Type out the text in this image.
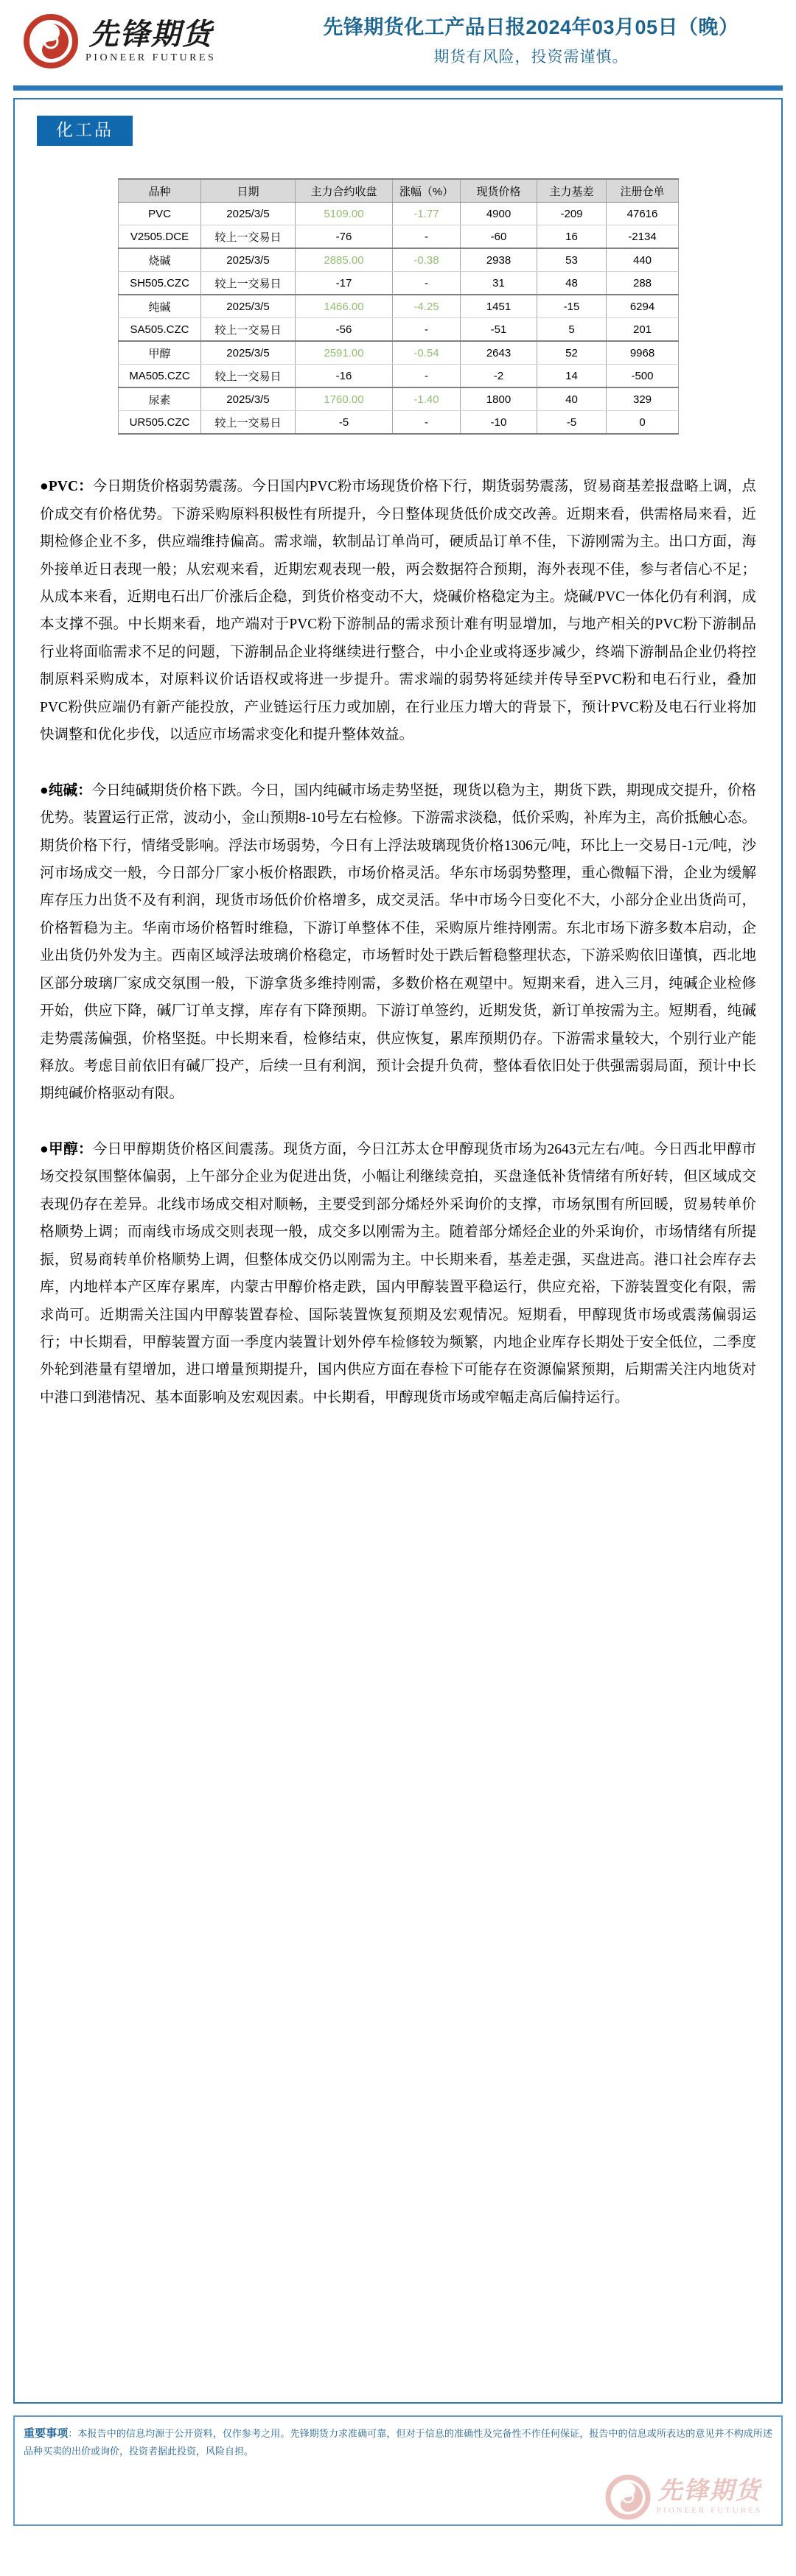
先锋期货
PIONEER FUTURES
先锋期货化工产品日报2024年03月05日（晚）
期货有风险，投资需谨慎。
化工品
品种	日期	主力合约收盘	涨幅（%）	现货价格	主力基差	注册仓单
PVC	2025/3/5	5109.00	-1.77	4900	-209	47616
V2505.DCE	较上一交易日	-76	-	-60	16	-2134
烧碱	2025/3/5	2885.00	-0.38	2938	53	440
SH505.CZC	较上一交易日	-17	-	31	48	288
纯碱	2025/3/5	1466.00	-4.25	1451	-15	6294
SA505.CZC	较上一交易日	-56	-	-51	5	201
甲醇	2025/3/5	2591.00	-0.54	2643	52	9968
MA505.CZC	较上一交易日	-16	-	-2	14	-500
尿素	2025/3/5	1760.00	-1.40	1800	40	329
UR505.CZC	较上一交易日	-5	-	-10	-5	0

●PVC：今日期货价格弱势震荡。今日国内PVC粉市场现货价格下行，期货弱势震荡，贸易商基差报盘略上调，点价成交有价格优势。下游采购原料积极性有所提升，今日整体现货低价成交改善。近期来看，供需格局来看，近期检修企业不多，供应端维持偏高。需求端，软制品订单尚可，硬质品订单不佳，下游刚需为主。出口方面，海外接单近日表现一般；从宏观来看，近期宏观表现一般，两会数据符合预期，海外表现不佳，参与者信心不足；从成本来看，近期电石出厂价涨后企稳，到货价格变动不大，烧碱价格稳定为主。烧碱/PVC一体化仍有利润，成本支撑不强。中长期来看，地产端对于PVC粉下游制品的需求预计难有明显增加，与地产相关的PVC粉下游制品行业将面临需求不足的问题，下游制品企业将继续进行整合，中小企业或将逐步减少，终端下游制品企业仍将控制原料采购成本，对原料议价话语权或将进一步提升。需求端的弱势将延续并传导至PVC粉和电石行业，叠加PVC粉供应端仍有新产能投放，产业链运行压力或加剧，在行业压力增大的背景下，预计PVC粉及电石行业将加快调整和优化步伐，以适应市场需求变化和提升整体效益。

●纯碱：今日纯碱期货价格下跌。今日，国内纯碱市场走势坚挺，现货以稳为主，期货下跌，期现成交提升，价格优势。装置运行正常，波动小，金山预期8-10号左右检修。下游需求淡稳，低价采购，补库为主，高价抵触心态。期货价格下行，情绪受影响。浮法市场弱势，今日有上浮法玻璃现货价格1306元/吨，环比上一交易日-1元/吨，沙河市场成交一般，今日部分厂家小板价格跟跌，市场价格灵活。华东市场弱势整理，重心微幅下滑，企业为缓解库存压力出货不及有利润，现货市场低价价格增多，成交灵活。华中市场今日变化不大，小部分企业出货尚可，价格暂稳为主。华南市场价格暂时维稳，下游订单整体不佳，采购原片维持刚需。东北市场下游多数本启动，企业出货仍外发为主。西南区域浮法玻璃价格稳定，市场暂时处于跌后暂稳整理状态，下游采购依旧谨慎，西北地区部分玻璃厂家成交氛围一般，下游拿货多维持刚需，多数价格在观望中。短期来看，进入三月，纯碱企业检修开始，供应下降，碱厂订单支撑，库存有下降预期。下游订单签约，近期发货，新订单按需为主。短期看，纯碱走势震荡偏强，价格坚挺。中长期来看，检修结束，供应恢复，累库预期仍存。下游需求量较大，个别行业产能释放。考虑目前依旧有碱厂投产，后续一旦有利润，预计会提升负荷，整体看依旧处于供强需弱局面，预计中长期纯碱价格驱动有限。

●甲醇：今日甲醇期货价格区间震荡。现货方面，今日江苏太仓甲醇现货市场为2643元左右/吨。今日西北甲醇市场交投氛围整体偏弱，上午部分企业为促进出货，小幅让利继续竞拍，买盘逢低补货情绪有所好转，但区域成交表现仍存在差异。北线市场成交相对顺畅，主要受到部分烯烃外采询价的支撑，市场氛围有所回暖，贸易转单价格顺势上调；而南线市场成交则表现一般，成交多以刚需为主。随着部分烯烃企业的外采询价，市场情绪有所提振，贸易商转单价格顺势上调，但整体成交仍以刚需为主。中长期来看，基差走强，买盘进高。港口社会库存去库，内地样本产区库存累库，内蒙古甲醇价格走跌，国内甲醇装置平稳运行，供应充裕，下游装置变化有限，需求尚可。近期需关注国内甲醇装置春检、国际装置恢复预期及宏观情况。短期看，甲醇现货市场或震荡偏弱运行；中长期看，甲醇装置方面一季度内装置计划外停车检修较为频繁，内地企业库存长期处于安全低位，二季度外轮到港量有望增加，进口增量预期提升，国内供应方面在春检下可能存在资源偏紧预期，后期需关注内地货对中港口到港情况、基本面影响及宏观因素。中长期看，甲醇现货市场或窄幅走高后偏持运行。

重要事项：本报告中的信息均源于公开资料，仅作参考之用。先锋期货力求准确可靠，但对于信息的准确性及完备性不作任何保证，报告中的信息或所表达的意见并不构成所述品种买卖的出价或询价，投资者据此投资，风险自担。
先锋期货
PIONEER FUTURES
